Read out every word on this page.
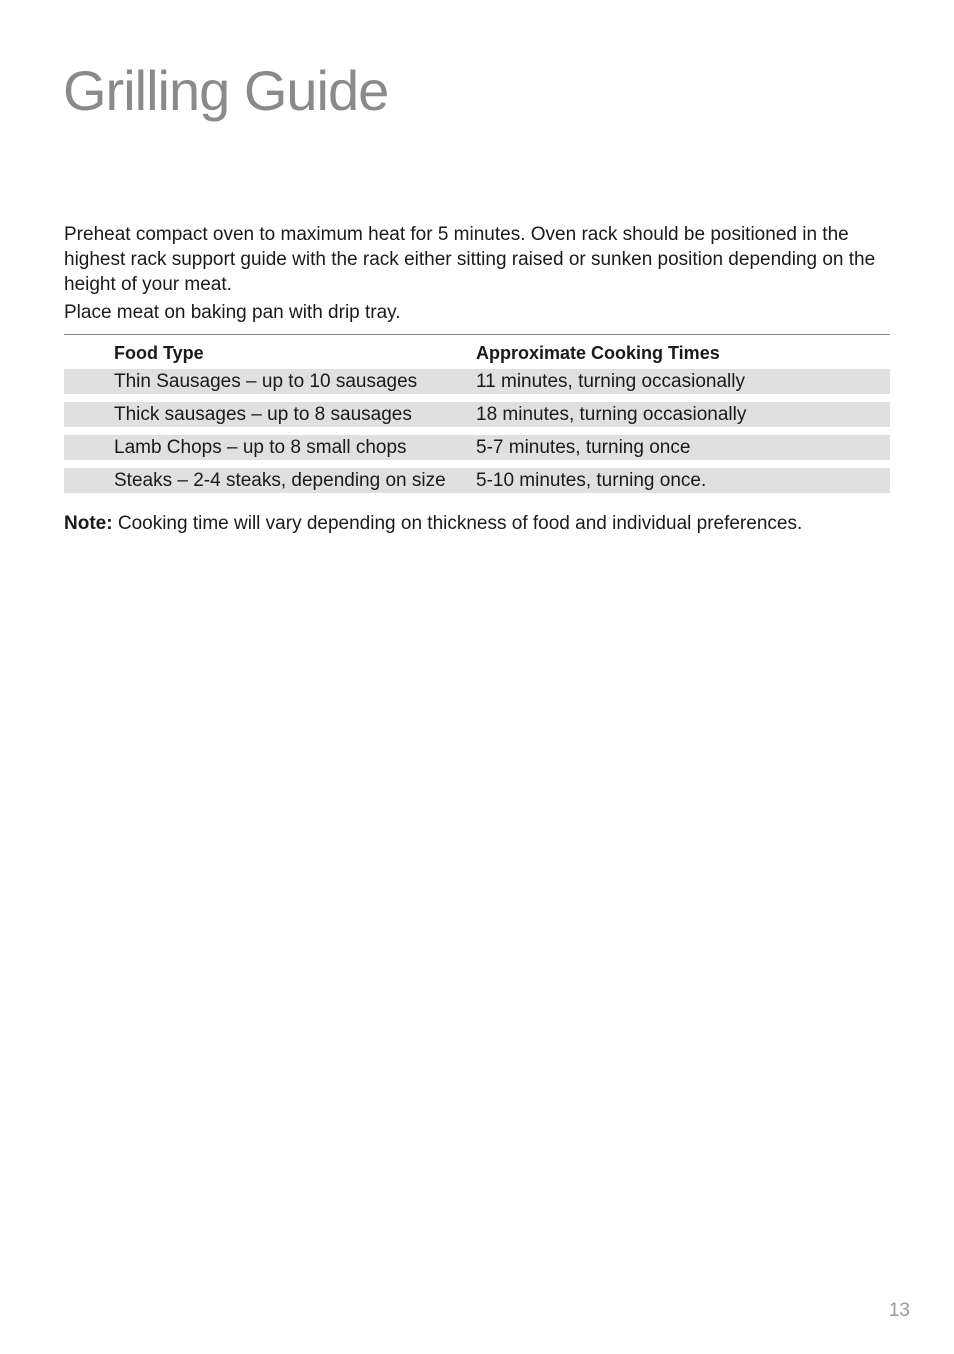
Grilling Guide

Preheat compact oven to maximum heat for 5 minutes. Oven rack should be positioned in the highest rack support guide with the rack either sitting raised or sunken position depending on the height of your meat.

Place meat on baking pan with drip tray.

Food Type	Approximate Cooking Times
Thin Sausages – up to 10 sausages	11 minutes, turning occasionally
Thick sausages – up to 8 sausages	18 minutes, turning occasionally
Lamb Chops – up to 8 small chops	5-7 minutes, turning once
Steaks – 2-4 steaks, depending on size	5-10 minutes, turning once.

Note: Cooking time will vary depending on thickness of food and individual preferences.

13
